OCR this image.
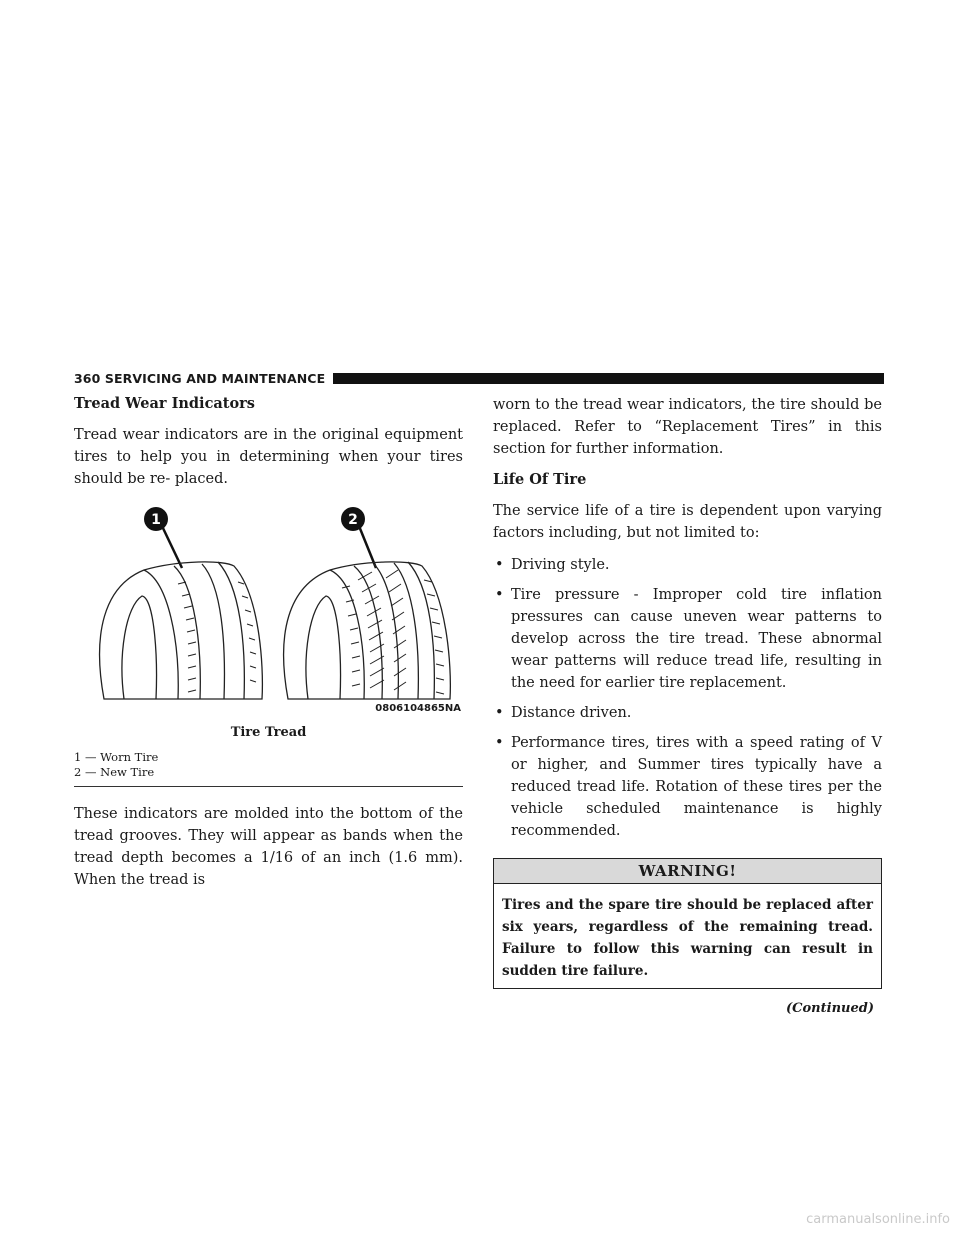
360 SERVICING AND MAINTENANCE
Tread Wear Indicators

Tread wear indicators are in the original equipment tires to help you in determining when your tires should be re- placed.

1	2
0806104865NA
Tire Tread
1 — Worn Tire
2 — New Tire

These indicators are molded into the bottom of the tread grooves. They will appear as bands when the tread depth becomes a 1/16 of an inch (1.6 mm). When the tread is

worn to the tread wear indicators, the tire should be replaced. Refer to “Replacement Tires” in this section for further information.

Life Of Tire

The service life of a tire is dependent upon varying factors including, but not limited to:

• Driving style.
• Tire pressure - Improper cold tire inflation pressures can cause uneven wear patterns to develop across the tire tread. These abnormal wear patterns will reduce tread life, resulting in the need for earlier tire replacement.
• Distance driven.
• Performance tires, tires with a speed rating of V or higher, and Summer tires typically have a reduced tread life. Rotation of these tires per the vehicle scheduled maintenance is highly recommended.
WARNING!
Tires and the spare tire should be replaced after six years, regardless of the remaining tread. Failure to follow this warning can result in sudden tire failure.
(Continued)
carmanualsonline.info
